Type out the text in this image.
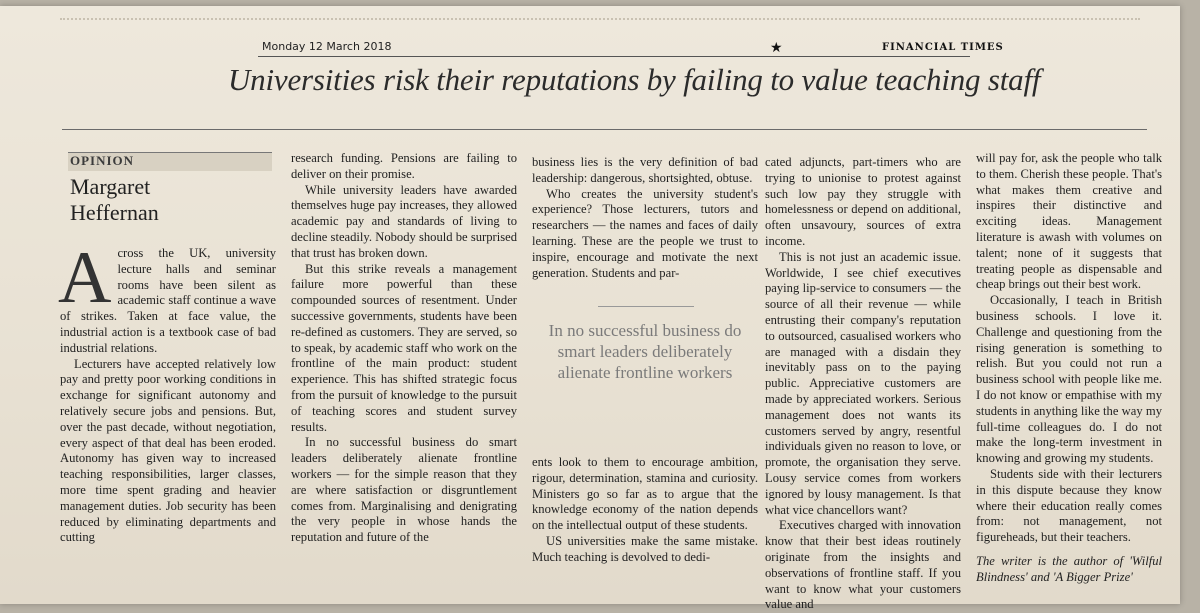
Monday 12 March 2018	★	FINANCIAL TIMES
Universities risk their reputations by failing to value teaching staff
OPINION
Margaret
Heffernan
A cross the UK, university lecture halls and seminar rooms have been silent as academic staff continue a wave of strikes. Taken at face value, the industrial action is a textbook case of bad industrial relations.

Lecturers have accepted relatively low pay and pretty poor working conditions in exchange for significant autonomy and relatively secure jobs and pensions. But, over the past decade, without negotiation, every aspect of that deal has been eroded. Autonomy has given way to increased teaching responsibilities, larger classes, more time spent grading and heavier management duties. Job security has been reduced by eliminating departments and cutting

research funding. Pensions are failing to deliver on their promise.

While university leaders have awarded themselves huge pay increases, they allowed academic pay and standards of living to decline steadily. Nobody should be surprised that trust has broken down.

But this strike reveals a management failure more powerful than these compounded sources of resentment. Under successive governments, students have been re-defined as customers. They are served, so to speak, by academic staff who work on the frontline of the main product: student experience. This has shifted strategic focus from the pursuit of knowledge to the pursuit of teaching scores and student survey results.

In no successful business do smart leaders deliberately alienate frontline workers — for the simple reason that they are where satisfaction or disgruntlement comes from. Marginalising and denigrating the very people in whose hands the reputation and future of the

business lies is the very definition of bad leadership: dangerous, shortsighted, obtuse.

Who creates the university student's experience? Those lecturers, tutors and researchers — the names and faces of daily learning. These are the people we trust to inspire, encourage and motivate the next generation. Students and par-

In no successful business do smart leaders deliberately alienate frontline workers

ents look to them to encourage ambition, rigour, determination, stamina and curiosity. Ministers go so far as to argue that the knowledge economy of the nation depends on the intellectual output of these students.

US universities make the same mistake. Much teaching is devolved to dedi-

cated adjuncts, part-timers who are trying to unionise to protest against such low pay they struggle with homelessness or depend on additional, often unsavoury, sources of extra income.

This is not just an academic issue. Worldwide, I see chief executives paying lip-service to consumers — the source of all their revenue — while entrusting their company's reputation to outsourced, casualised workers who are managed with a disdain they inevitably pass on to the paying public. Appreciative customers are made by appreciated workers. Serious management does not wants its customers served by angry, resentful individuals given no reason to love, or promote, the organisation they serve. Lousy service comes from workers ignored by lousy management. Is that what vice chancellors want?

Executives charged with innovation know that their best ideas routinely originate from the insights and observations of frontline staff. If you want to know what your customers value and

will pay for, ask the people who talk to them. Cherish these people. That's what makes them creative and inspires their distinctive and exciting ideas. Management literature is awash with volumes on talent; none of it suggests that treating people as dispensable and cheap brings out their best work.

Occasionally, I teach in British business schools. I love it. Challenge and questioning from the rising generation is something to relish. But you could not run a business school with people like me. I do not know or empathise with my students in anything like the way my full-time colleagues do. I do not make the long-term investment in knowing and growing my students.

Students side with their lecturers in this dispute because they know where their education really comes from: not management, not figureheads, but their teachers.

The writer is the author of 'Wilful Blindness' and 'A Bigger Prize'
